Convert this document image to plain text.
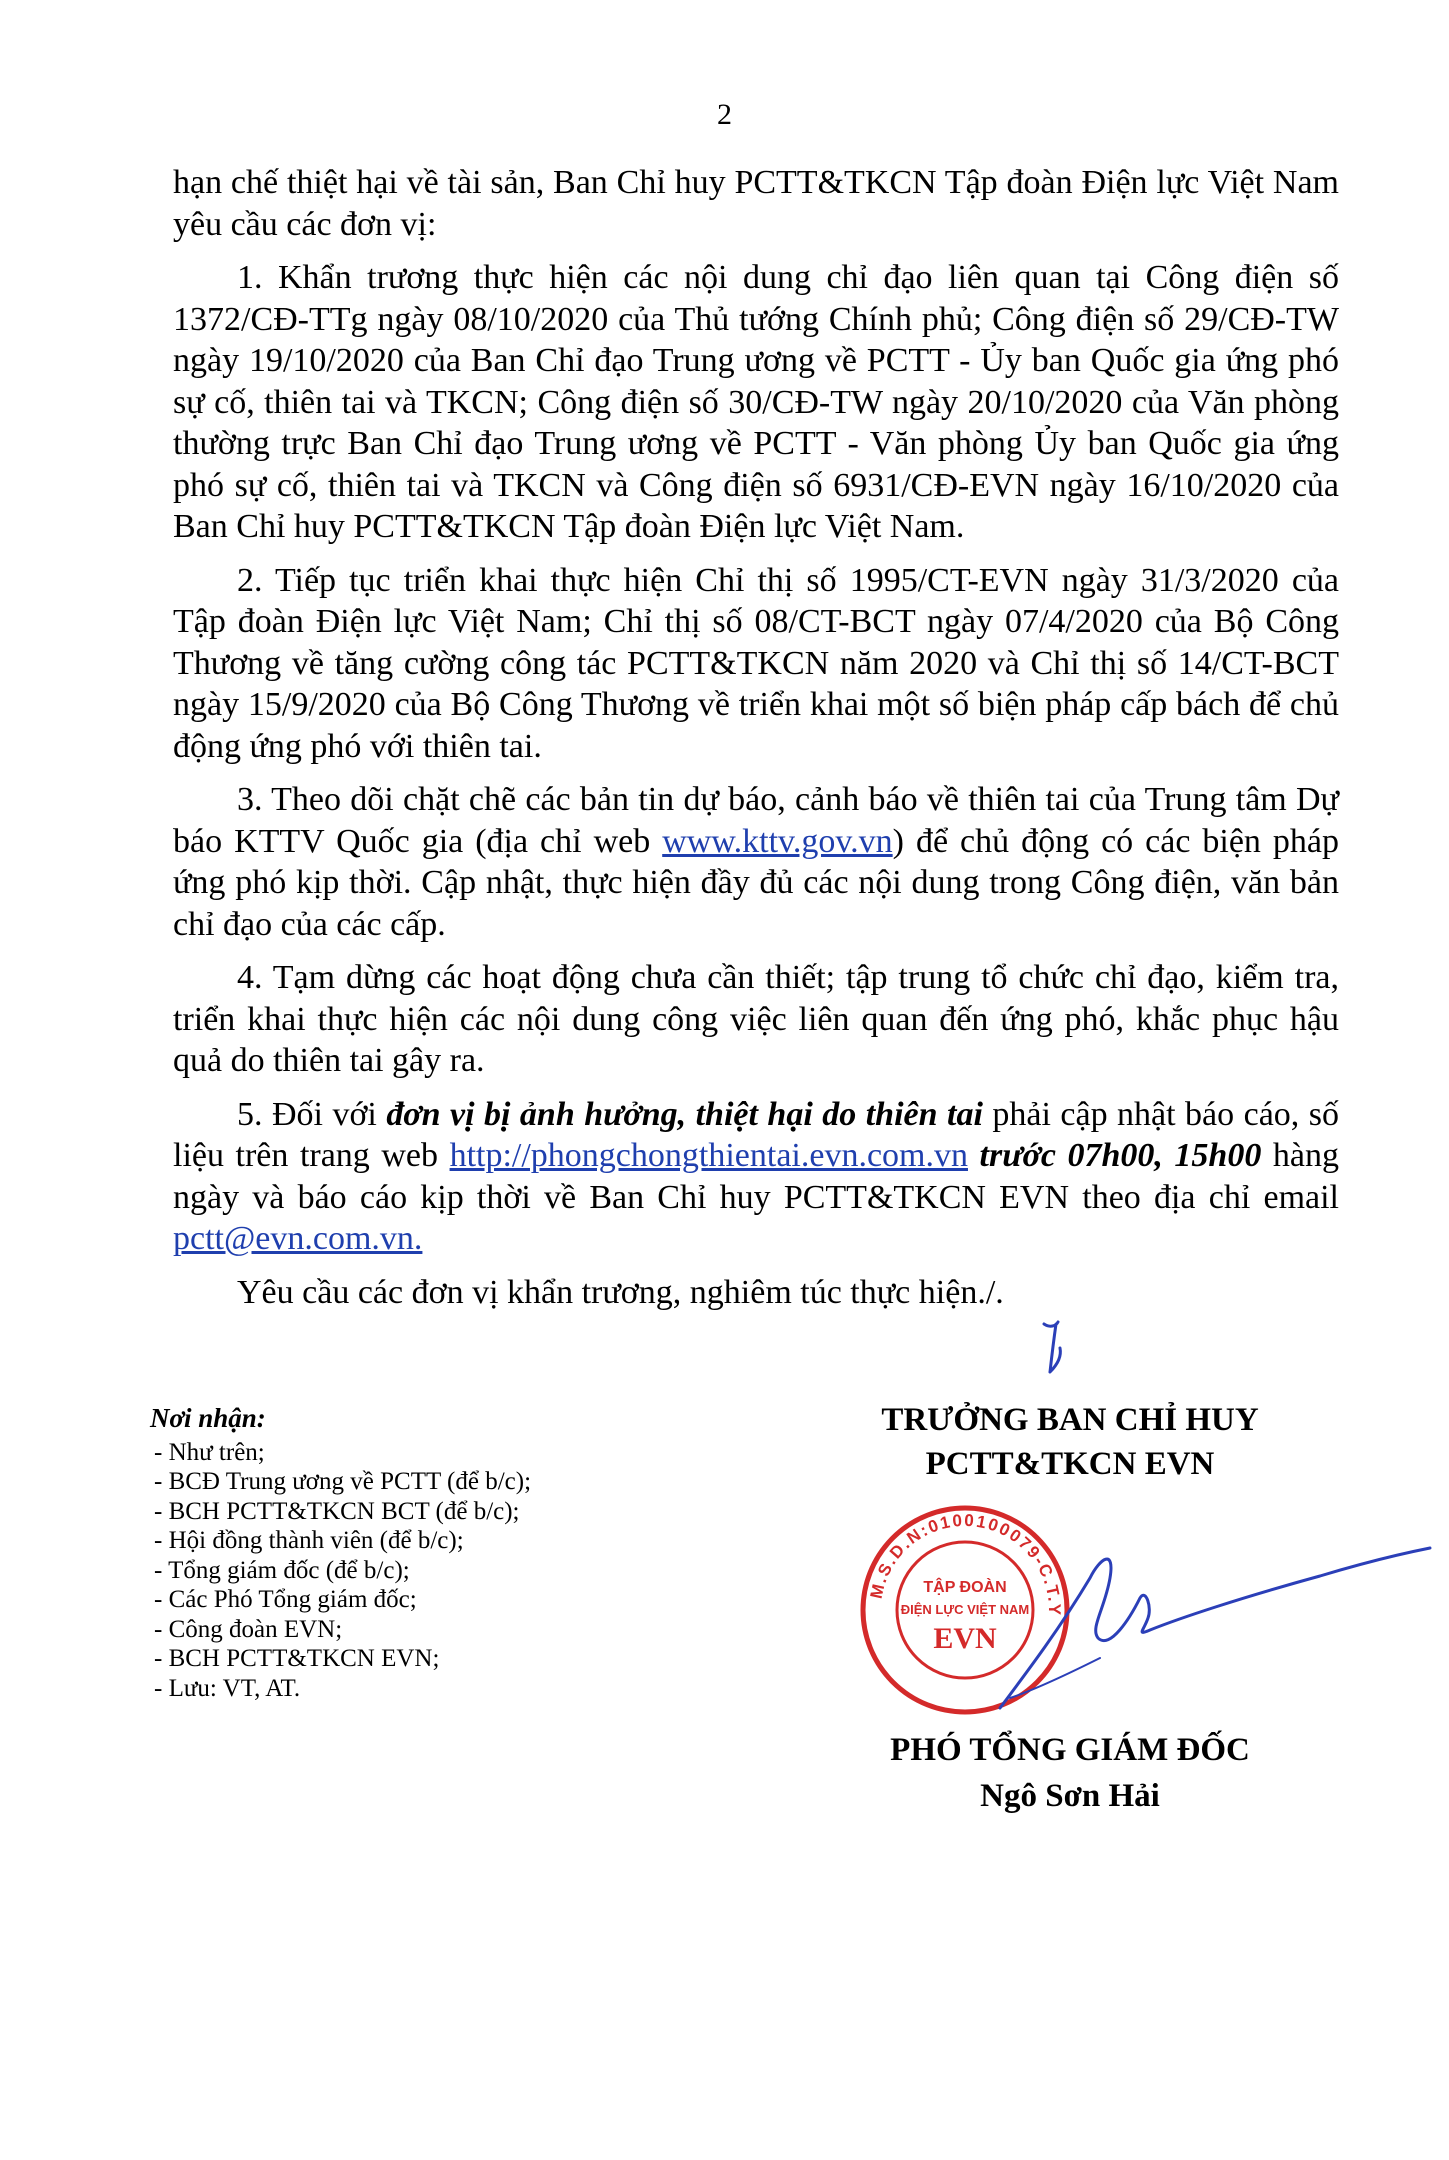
2

hạn chế thiệt hại về tài sản, Ban Chỉ huy PCTT&TKCN Tập đoàn Điện lực Việt Nam yêu cầu các đơn vị:

1. Khẩn trương thực hiện các nội dung chỉ đạo liên quan tại Công điện số 1372/CĐ-TTg ngày 08/10/2020 của Thủ tướng Chính phủ; Công điện số 29/CĐ-TW ngày 19/10/2020 của Ban Chỉ đạo Trung ương về PCTT - Ủy ban Quốc gia ứng phó sự cố, thiên tai và TKCN; Công điện số 30/CĐ-TW ngày 20/10/2020 của Văn phòng thường trực Ban Chỉ đạo Trung ương về PCTT - Văn phòng Ủy ban Quốc gia ứng phó sự cố, thiên tai và TKCN và Công điện số 6931/CĐ-EVN ngày 16/10/2020 của Ban Chỉ huy PCTT&TKCN Tập đoàn Điện lực Việt Nam.

2. Tiếp tục triển khai thực hiện Chỉ thị số 1995/CT-EVN ngày 31/3/2020 của Tập đoàn Điện lực Việt Nam; Chỉ thị số 08/CT-BCT ngày 07/4/2020 của Bộ Công Thương về tăng cường công tác PCTT&TKCN năm 2020 và Chỉ thị số 14/CT-BCT ngày 15/9/2020 của Bộ Công Thương về triển khai một số biện pháp cấp bách để chủ động ứng phó với thiên tai.

3. Theo dõi chặt chẽ các bản tin dự báo, cảnh báo về thiên tai của Trung tâm Dự báo KTTV Quốc gia (địa chỉ web www.kttv.gov.vn) để chủ động có các biện pháp ứng phó kịp thời. Cập nhật, thực hiện đầy đủ các nội dung trong Công điện, văn bản chỉ đạo của các cấp.

4. Tạm dừng các hoạt động chưa cần thiết; tập trung tổ chức chỉ đạo, kiểm tra, triển khai thực hiện các nội dung công việc liên quan đến ứng phó, khắc phục hậu quả do thiên tai gây ra.

5. Đối với đơn vị bị ảnh hưởng, thiệt hại do thiên tai phải cập nhật báo cáo, số liệu trên trang web http://phongchongthientai.evn.com.vn trước 07h00, 15h00 hàng ngày và báo cáo kịp thời về Ban Chỉ huy PCTT&TKCN EVN theo địa chỉ email pctt@evn.com.vn.

Yêu cầu các đơn vị khẩn trương, nghiêm túc thực hiện./.

Nơi nhận:
- Như trên;
- BCĐ Trung ương về PCTT (để b/c);
- BCH PCTT&TKCN BCT (để b/c);
- Hội đồng thành viên (để b/c);
- Tổng giám đốc (để b/c);
- Các Phó Tổng giám đốc;
- Công đoàn EVN;
- BCH PCTT&TKCN EVN;
- Lưu: VT, AT.
TRƯỞNG BAN CHỈ HUY
PCTT&TKCN EVN
M.S.D.N:0100100079-C.T.Y
TẬP ĐOÀN
ĐIỆN LỰC VIỆT NAM
EVN
PHÓ TỔNG GIÁM ĐỐC
Ngô Sơn Hải
